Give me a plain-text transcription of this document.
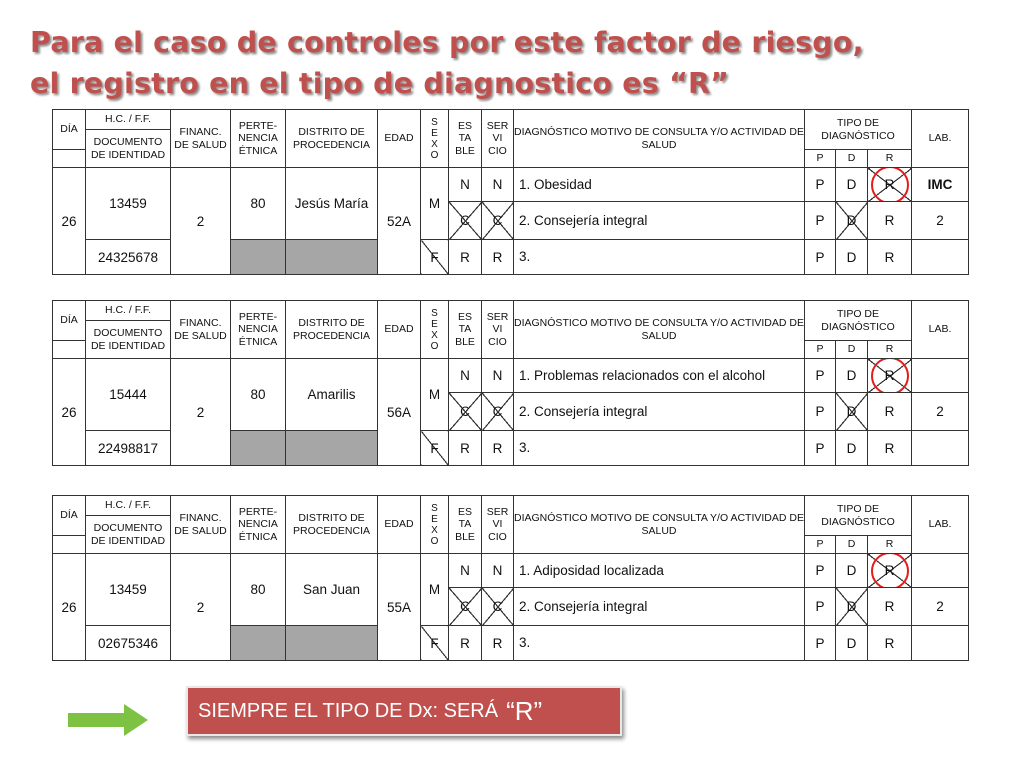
Para el caso de controles por este factor de riesgo,
el registro en el tipo de diagnostico es “R”
DÍA	H.C. / F.F.	FINANC. DE SALUD	PERTE- NENCIA ÉTNICA	DISTRITO DE PROCEDENCIA	EDAD	S
E
X
O	ES
TA
BLE	SER
VI
CIO	DIAGNÓSTICO MOTIVO DE CONSULTA Y/O ACTIVIDAD DE SALUD	TIPO DE DIAGNÓSTICO			LAB.	
	DOCUMENTO DE IDENTIDAD													
										P	D	R		
26	13459	2	80	Jesús María	52A	M	N	N	1. Obesidad	P	D	R	IMC	
							C	C	2. Consejería integral	P	D	R	2	
	24325678					F	R	R	3.	P	D	R		
DÍA	H.C. / F.F.	FINANC. DE SALUD	PERTE- NENCIA ÉTNICA	DISTRITO DE PROCEDENCIA	EDAD	S
E
X
O	ES
TA
BLE	SER
VI
CIO	DIAGNÓSTICO MOTIVO DE CONSULTA Y/O ACTIVIDAD DE SALUD	TIPO DE DIAGNÓSTICO			LAB.	
	DOCUMENTO DE IDENTIDAD													
										P	D	R		
26	15444	2	80	Amarilis	56A	M	N	N	1. Problemas relacionados con el alcohol	P	D	R

							C	C	2. Consejería integral	P	D	R	2	
	22498817					F	R	R	3.	P	D	R		
DÍA	H.C. / F.F.	FINANC. DE SALUD	PERTE- NENCIA ÉTNICA	DISTRITO DE PROCEDENCIA	EDAD	S
E
X
O	ES
TA
BLE	SER
VI
CIO	DIAGNÓSTICO MOTIVO DE CONSULTA Y/O ACTIVIDAD DE SALUD	TIPO DE DIAGNÓSTICO			LAB.	
	DOCUMENTO DE IDENTIDAD													
										P	D	R		
26	13459	2	80	San Juan	55A	M	N	N	1. Adiposidad localizada	P	D	R

							C	C	2. Consejería integral	P	D	R	2	
	02675346					F	R	R	3.	P	D	R		
SIEMPRE EL TIPO DE Dx: SERÁ “R”
